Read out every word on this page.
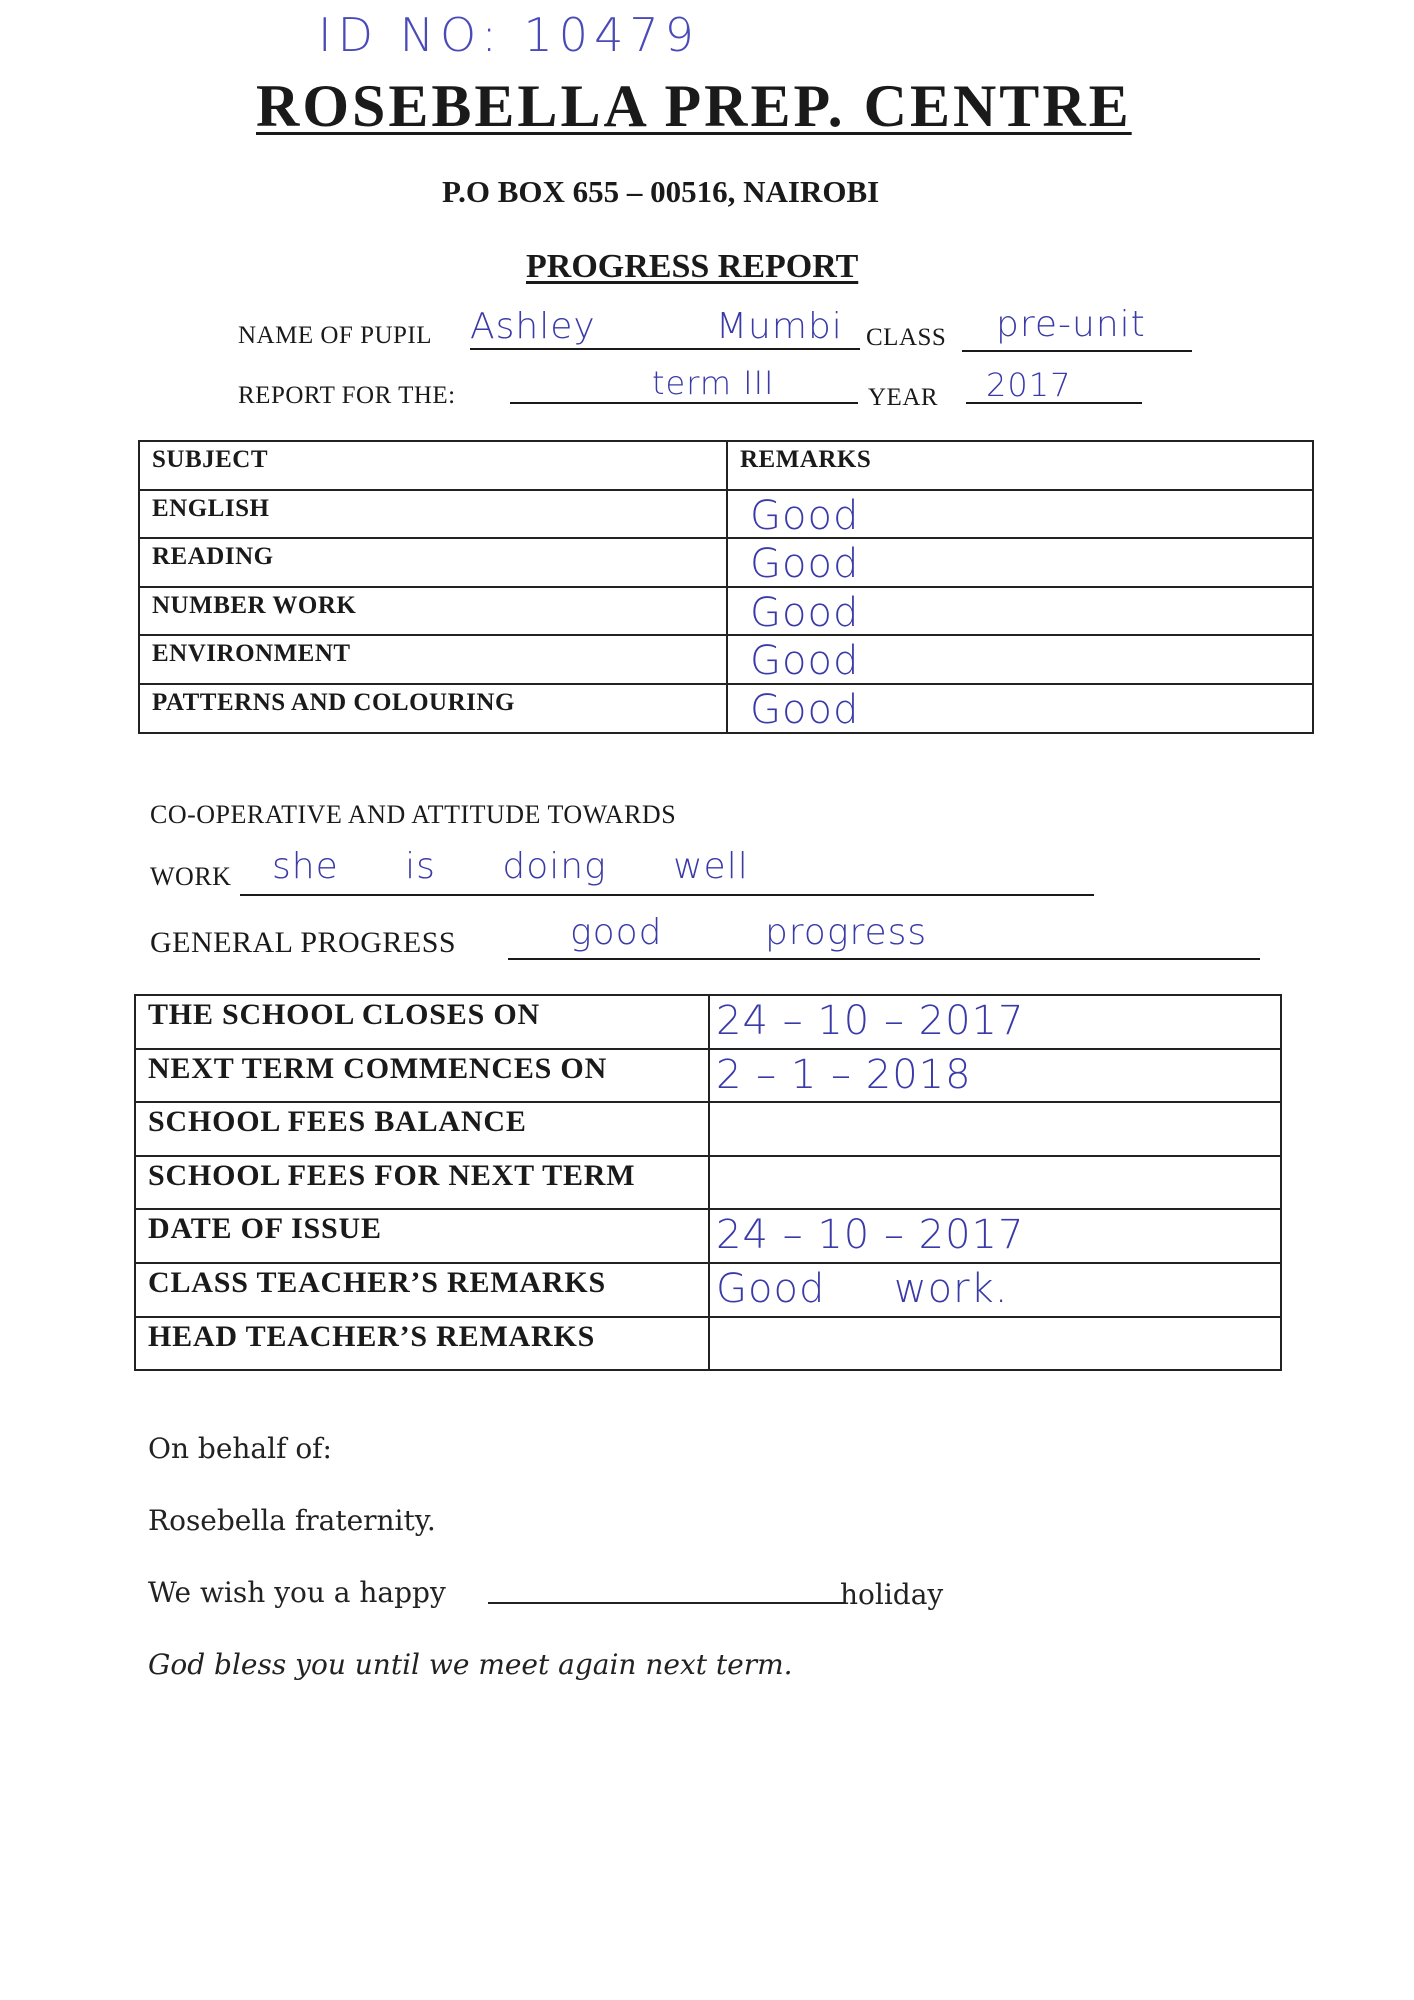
ID NO: 10479
ROSEBELLA PREP. CENTRE
P.O BOX 655 – 00516, NAIROBI
PROGRESS REPORT
NAME OF PUPIL Ashley	Mumbi CLASS pre-unit
REPORT FOR THE:	term III	YEAR 2017
SUBJECT	REMARKS
ENGLISH	Good

READING	Good

NUMBER WORK	Good

ENVIRONMENT	Good

PATTERNS AND COLOURING	Good
CO-OPERATIVE AND ATTITUDE TOWARDS
WORK she is doing well
GENERAL PROGRESS	good progress
THE SCHOOL CLOSES ON	24 – 10 – 2017

NEXT TERM COMMENCES ON	2 – 1 – 2018

SCHOOL FEES BALANCE	

SCHOOL FEES FOR NEXT TERM	

DATE OF ISSUE	24 – 10 – 2017

CLASS TEACHER’S REMARKS	Good     work.

HEAD TEACHER’S REMARKS	
On behalf of:
Rosebella fraternity.
We wish you a happy	holiday
God bless you until we meet again next term.
